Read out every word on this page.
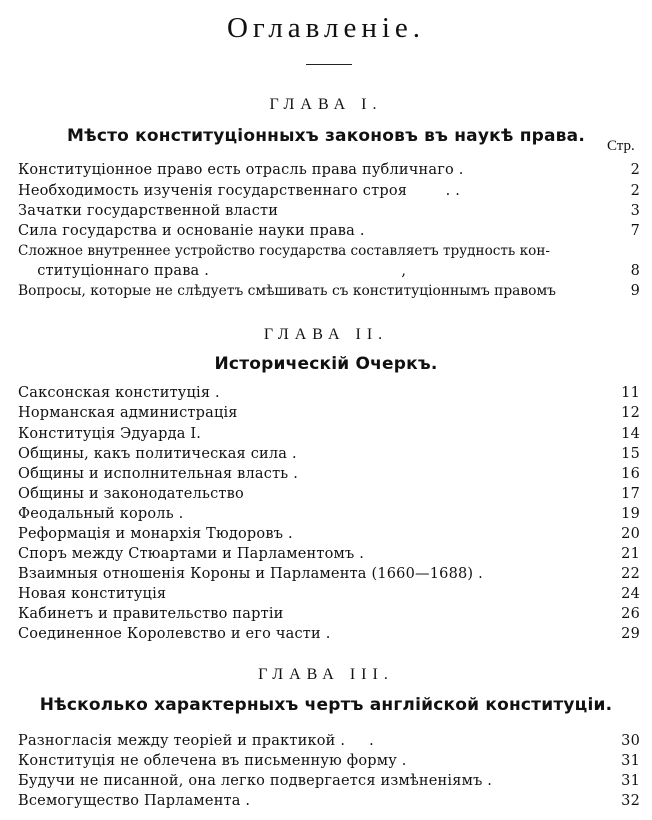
Оглавленie.
ГЛАВА I.
Мѣсто конституціонныхъ законовъ въ наукѣ права.	Стр.
Конституціонное право есть отрасль права публичнаго .	2
Необходимость изученія государственнаго строя        . .	2
Зачатки государственной власти	3
Сила государства и основаніе науки права .	7
Сложное внутреннее устройство государства составляетъ трудность кон-
ституціоннаго права .                                        ,	8
Вопросы, которые не слѣдуетъ смѣшивать съ конституціоннымъ правомъ	9
ГЛАВА II.
Историческій Очеркъ.
Саксонская конституція .	11
Норманская администрація	12
Конституція Эдуарда I.	14
Общины, какъ политическая сила .	15
Общины и исполнительная власть .	16
Общины и законодательство	17
Феодальный король .	19
Реформація и монархія Тюдоровъ .	20
Споръ между Стюартами и Парламентомъ .	21
Взаимныя отношенія Короны и Парламента (1660—1688) .	22
Новая конституція	24
Кабинетъ и правительство партіи	26
Соединенное Королевство и его части .	29
ГЛАВА III.
Нѣсколько характерныхъ чертъ англійской конституціи.
Разногласія между теоріей и практикой .     .	30
Конституція не облечена въ письменную форму .	31
Будучи не писанной, она легко подвергается измѣненіямъ .	31
Всемогущество Парламента .	32
